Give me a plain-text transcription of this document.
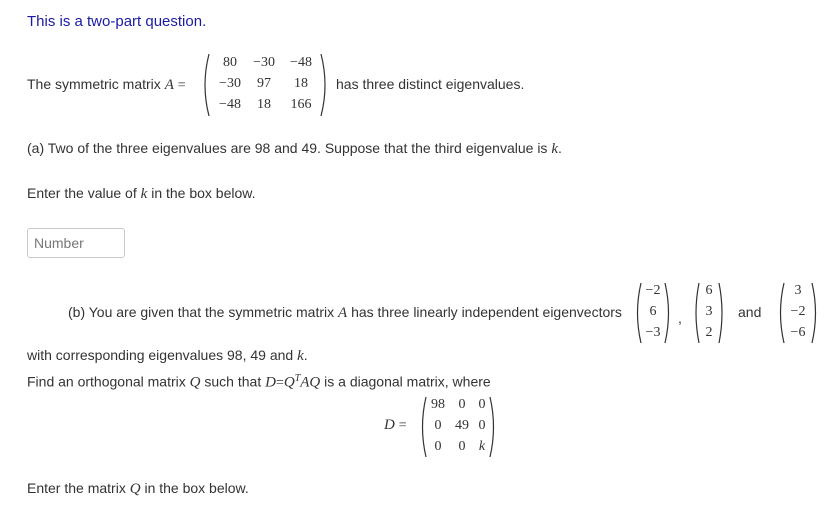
This is a two-part question.
The symmetric matrix A =
80	−30	−48
−30	97	18
−48	18	166
has three distinct eigenvalues.
(a) Two of the three eigenvalues are 98 and 49. Suppose that the third eigenvalue is k.
Enter the value of k in the box below.
Number
(b) You are given that the symmetric matrix A has three linearly independent eigenvectors
−2
6
−3
,
6
3
2
and
3
−2
−6
with corresponding eigenvalues 98, 49 and k.
Find an orthogonal matrix Q such that $D=Q^TAQ$ is a diagonal matrix, where
D =
98 0 0
0 49 0
0	0 k
Enter the matrix Q in the box below.
